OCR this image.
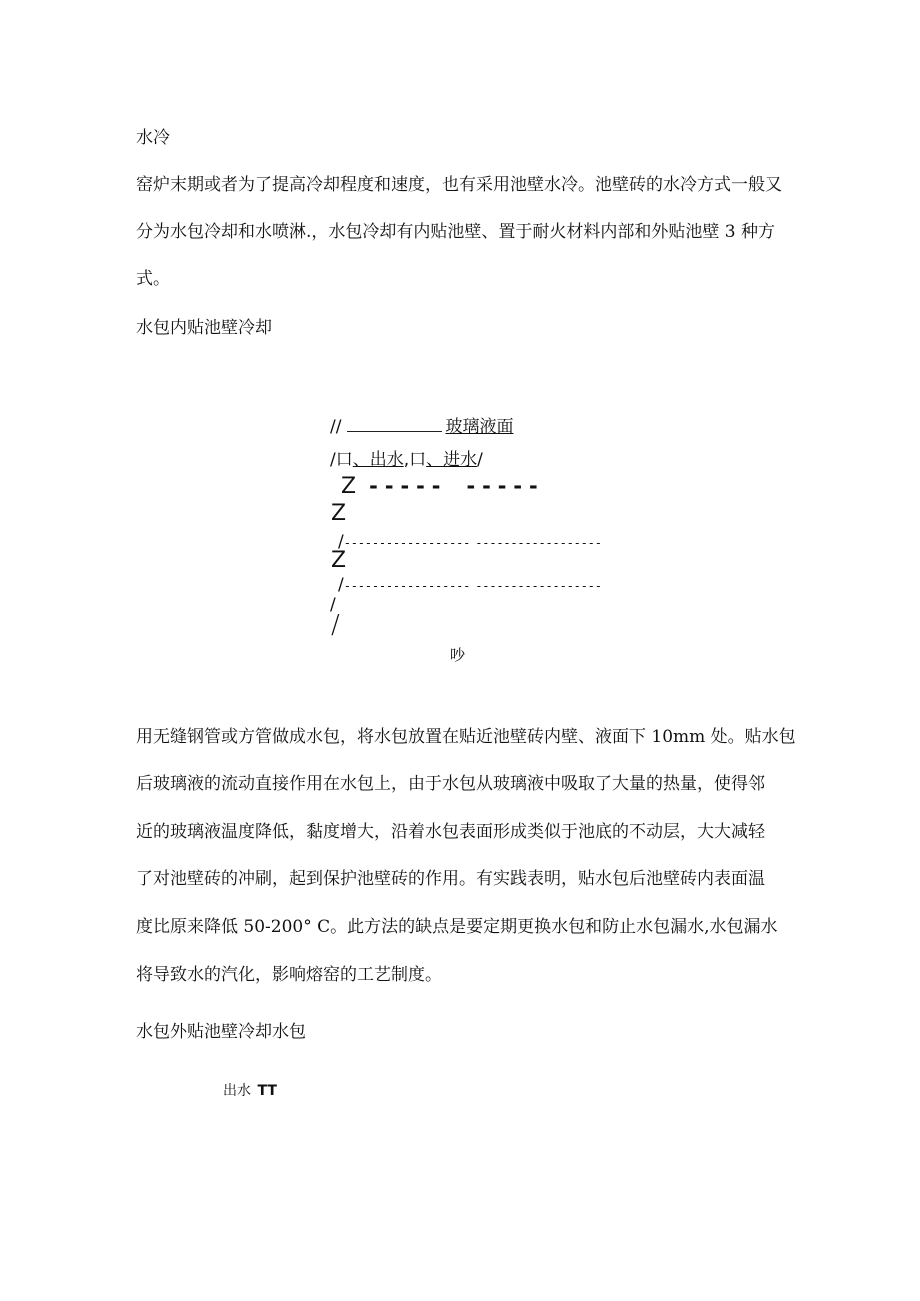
水冷
窑炉末期或者为了提高冷却程度和速度，也有采用池壁水冷。池壁砖的水冷方式一般又
分为水包冷却和水喷淋.，水包冷却有内贴池壁、置于耐火材料内部和外贴池壁 3 种方
式。
水包内贴池壁冷却
//	玻璃液面
/口、出水,口、进水/
Z ----- -----
Z
/------------------ ------------------
Z
/------------------ ------------------
/
/
吵
用无缝钢管或方管做成水包，将水包放置在贴近池壁砖内壁、液面下 10mm 处。贴水包
后玻璃液的流动直接作用在水包上，由于水包从玻璃液中吸取了大量的热量，使得邻
近的玻璃液温度降低，黏度增大，沿着水包表面形成类似于池底的不动层，大大减轻
了对池壁砖的冲刷，起到保护池壁砖的作用。有实践表明，贴水包后池壁砖内表面温
度比原来降低 50-200° C。此方法的缺点是要定期更换水包和防止水包漏水,水包漏水
将导致水的汽化，影响熔窑的工艺制度。
水包外贴池壁冷却水包
出水 TT
